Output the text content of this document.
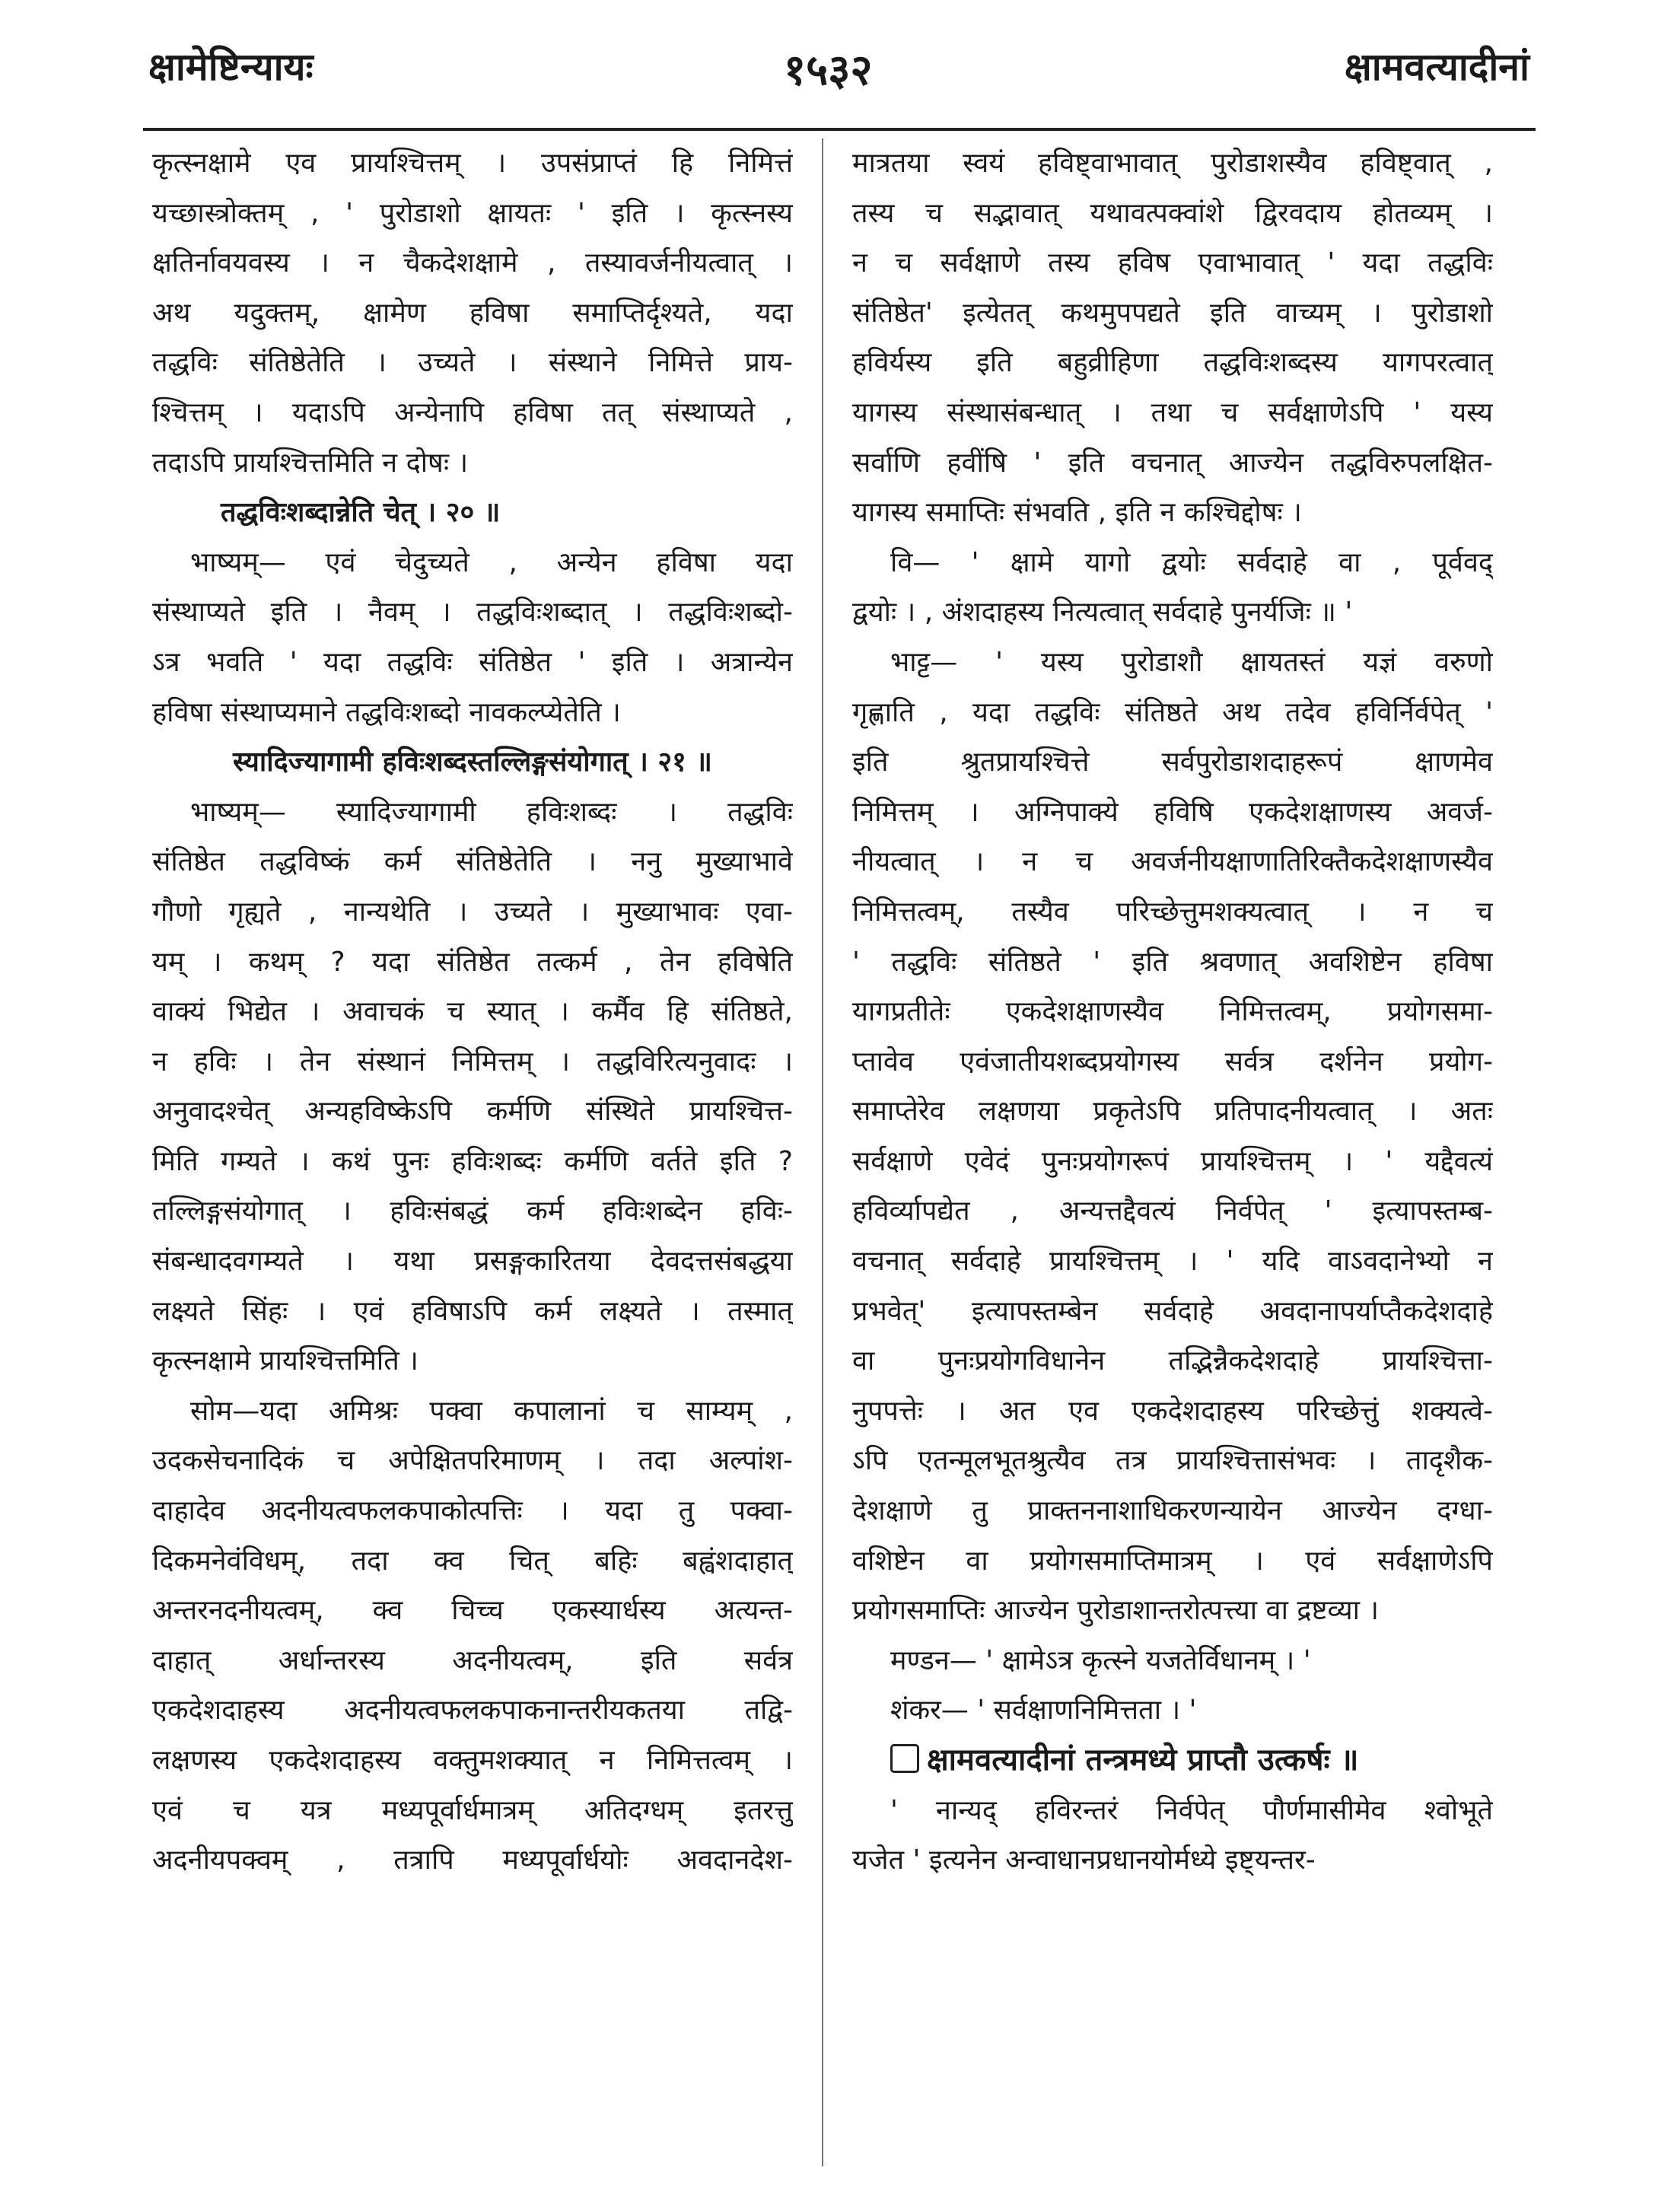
क्षामेष्टिन्यायः	१५३२	क्षामवत्यादीनां
कृत्स्नक्षामे एव प्रायश्चित्तम् । उपसंप्राप्तं हि निमित्तं
यच्छास्त्रोक्तम् , ' पुरोडाशो क्षायतः ' इति । कृत्स्नस्य
क्षतिर्नावयवस्य । न चैकदेशक्षामे , तस्यावर्जनीयत्वात् ।
अथ यदुक्तम्, क्षामेण हविषा समाप्तिर्दृश्यते, यदा
तद्धविः संतिष्ठेतेति । उच्यते । संस्थाने निमित्ते प्राय-
श्चित्तम् । यदाऽपि अन्येनापि हविषा तत् संस्थाप्यते ,
तदाऽपि प्रायश्चित्तमिति न दोषः ।
तद्धविःशब्दान्नेति चेत् । २० ॥
भाष्यम्— एवं चेदुच्यते , अन्येन हविषा यदा
संस्थाप्यते इति । नैवम् । तद्धविःशब्दात् । तद्धविःशब्दो-
ऽत्र भवति ' यदा तद्धविः संतिष्ठेत ' इति । अत्रान्येन
हविषा संस्थाप्यमाने तद्धविःशब्दो नावकल्प्येतेति ।
स्यादिज्यागामी हविःशब्दस्तल्लिङ्गसंयोगात् । २१ ॥
भाष्यम्— स्यादिज्यागामी हविःशब्दः । तद्धविः
संतिष्ठेत तद्धविष्कं कर्म संतिष्ठेतेति । ननु मुख्याभावे
गौणो गृह्यते , नान्यथेति । उच्यते । मुख्याभावः एवा-
यम् । कथम् ? यदा संतिष्ठेत तत्कर्म , तेन हविषेति
वाक्यं भिद्येत । अवाचकं च स्यात् । कर्मैव हि संतिष्ठते,
न हविः । तेन संस्थानं निमित्तम् । तद्धविरित्यनुवादः ।
अनुवादश्चेत् अन्यहविष्केऽपि कर्मणि संस्थिते प्रायश्चित्त-
मिति गम्यते । कथं पुनः हविःशब्दः कर्मणि वर्तते इति ?
तल्लिङ्गसंयोगात् । हविःसंबद्धं कर्म हविःशब्देन हविः-
संबन्धादवगम्यते । यथा प्रसङ्गकारितया देवदत्तसंबद्धया
लक्ष्यते सिंहः । एवं हविषाऽपि कर्म लक्ष्यते । तस्मात्
कृत्स्नक्षामे प्रायश्चित्तमिति ।
सोम—यदा अमिश्रः पक्वा कपालानां च साम्यम् ,
उदकसेचनादिकं च अपेक्षितपरिमाणम् । तदा अल्पांश-
दाहादेव अदनीयत्वफलकपाकोत्पत्तिः । यदा तु पक्वा-
दिकमनेवंविधम्, तदा क्व चित् बहिः बह्वंशदाहात्
अन्तरनदनीयत्वम्, क्व चिच्च एकस्यार्धस्य अत्यन्त-
दाहात् अर्धान्तरस्य अदनीयत्वम्, इति सर्वत्र
एकदेशदाहस्य अदनीयत्वफलकपाकनान्तरीयकतया तद्वि-
लक्षणस्य एकदेशदाहस्य वक्तुमशक्यात् न निमित्तत्वम् ।
एवं च यत्र मध्यपूर्वार्धमात्रम् अतिदग्धम् इतरत्तु
अदनीयपक्वम् , तत्रापि मध्यपूर्वार्धयोः अवदानदेश-
मात्रतया स्वयं हविष्ट्वाभावात् पुरोडाशस्यैव हविष्ट्वात् ,
तस्य च सद्भावात् यथावत्पक्वांशे द्विरवदाय होतव्यम् ।
न च सर्वक्षाणे तस्य हविष एवाभावात् ' यदा तद्धविः
संतिष्ठेत' इत्येतत् कथमुपपद्यते इति वाच्यम् । पुरोडाशो
हविर्यस्य इति बहुव्रीहिणा तद्धविःशब्दस्य यागपरत्वात्
यागस्य संस्थासंबन्धात् । तथा च सर्वक्षाणेऽपि ' यस्य
सर्वाणि हवींषि ' इति वचनात् आज्येन तद्धविरुपलक्षित-
यागस्य समाप्तिः संभवति , इति न कश्चिद्दोषः ।
वि— ' क्षामे यागो द्वयोः सर्वदाहे वा , पूर्ववद्
द्वयोः । , अंशदाहस्य नित्यत्वात् सर्वदाहे पुनर्यजिः ॥ '
भाट्ट— ' यस्य पुरोडाशौ क्षायतस्तं यज्ञं वरुणो
गृह्णाति , यदा तद्धविः संतिष्ठते अथ तदेव हविर्निर्वपेत् '
इति श्रुतप्रायश्चित्ते सर्वपुरोडाशदाहरूपं क्षाणमेव
निमित्तम् । अग्निपाक्ये हविषि एकदेशक्षाणस्य अवर्ज-
नीयत्वात् । न च अवर्जनीयक्षाणातिरिक्तैकदेशक्षाणस्यैव
निमित्तत्वम्, तस्यैव परिच्छेत्तुमशक्यत्वात् । न च
' तद्धविः संतिष्ठते ' इति श्रवणात् अवशिष्टेन हविषा
यागप्रतीतेः एकदेशक्षाणस्यैव निमित्तत्वम्, प्रयोगसमा-
प्तावेव एवंजातीयशब्दप्रयोगस्य सर्वत्र दर्शनेन प्रयोग-
समाप्तेरेव लक्षणया प्रकृतेऽपि प्रतिपादनीयत्वात् । अतः
सर्वक्षाणे एवेदं पुनःप्रयोगरूपं प्रायश्चित्तम् । ' यद्दैवत्यं
हविर्व्यापद्येत , अन्यत्तद्दैवत्यं निर्वपेत् ' इत्यापस्तम्ब-
वचनात् सर्वदाहे प्रायश्चित्तम् । ' यदि वाऽवदानेभ्यो न
प्रभवेत्' इत्यापस्तम्बेन सर्वदाहे अवदानापर्याप्तैकदेशदाहे
वा पुनःप्रयोगविधानेन तद्भिन्नैकदेशदाहे प्रायश्चित्ता-
नुपपत्तेः । अत एव एकदेशदाहस्य परिच्छेत्तुं शक्यत्वे-
ऽपि एतन्मूलभूतश्रुत्यैव तत्र प्रायश्चित्तासंभवः । तादृशैक-
देशक्षाणे तु प्राक्तननाशाधिकरणन्यायेन आज्येन दग्धा-
वशिष्टेन वा प्रयोगसमाप्तिमात्रम् । एवं सर्वक्षाणेऽपि
प्रयोगसमाप्तिः आज्येन पुरोडाशान्तरोत्पत्त्या वा द्रष्टव्या ।
मण्डन— ' क्षामेऽत्र कृत्स्ने यजतेर्विधानम् । '
शंकर— ' सर्वक्षाणनिमित्तता । '
क्षामवत्यादीनां तन्त्रमध्ये प्राप्तौ उत्कर्षः ॥
' नान्यद् हविरन्तरं निर्वपेत् पौर्णमासीमेव श्वोभूते
यजेत ' इत्यनेन अन्वाधानप्रधानयोर्मध्ये इष्ट्यन्तर-
